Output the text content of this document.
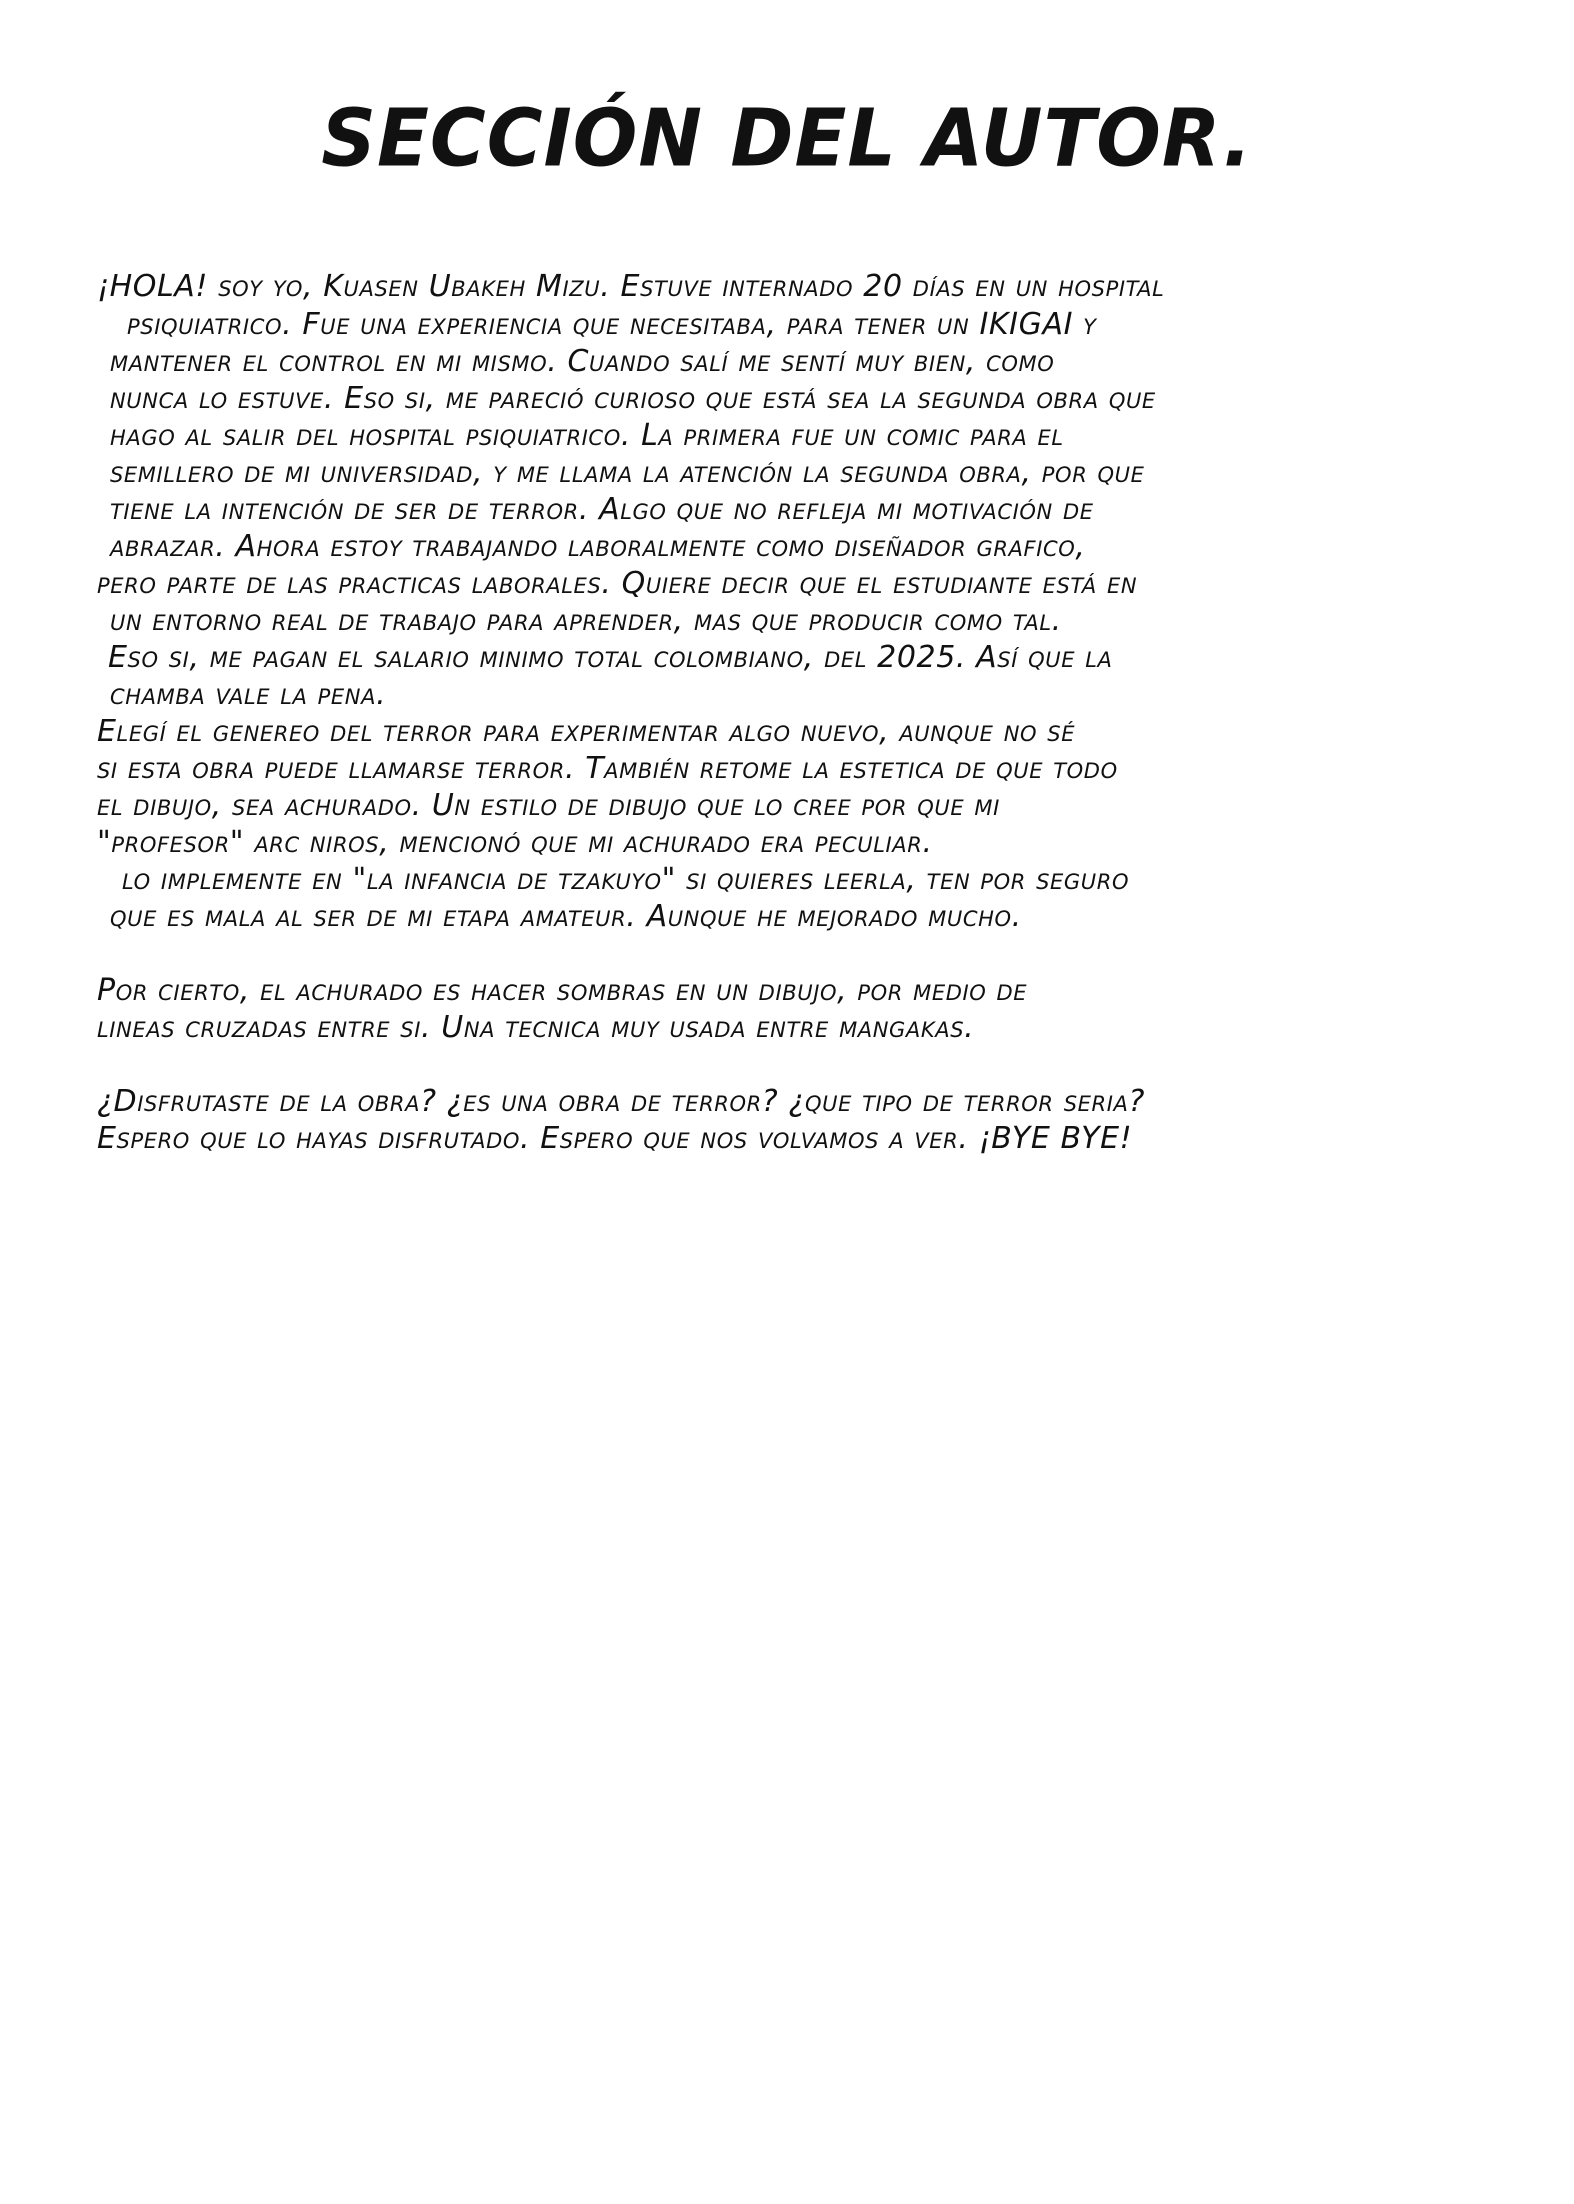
SECCIÓN DEL AUTOR.
¡HOLA! soy yo, Kuasen Ubakeh Mizu. Estuve internado 20 días en un hospital
psiquiatrico. Fue una experiencia que necesitaba, para tener un IKIGAI y
mantener el control en mi mismo. Cuando salí me sentí muy bien, como
nunca lo estuve. Eso si, me pareció curioso que está sea la segunda obra que
hago al salir del hospital psiquiatrico. La primera fue un comic para el
semillero de mi universidad, y me llama la atención la segunda obra, por que
tiene la intención de ser de terror. Algo que no refleja mi motivación de
abrazar. Ahora estoy trabajando laboralmente como diseñador grafico,
pero parte de las practicas laborales. Quiere decir que el estudiante está en
un entorno real de trabajo para aprender, mas que producir como tal.
Eso si, me pagan el salario minimo total colombiano, del 2025. Así que la
chamba vale la pena.
Elegí el genereo del terror para experimentar algo nuevo, aunque no sé
si esta obra puede llamarse terror. También retome la estetica de que todo
el dibujo, sea achurado. Un estilo de dibujo que lo cree por que mi
"profesor" arc niros, mencionó que mi achurado era peculiar.
lo implemente en "la infancia de tzakuyo" si quieres leerla, ten por seguro
que es mala al ser de mi etapa amateur. Aunque he mejorado mucho.
Por cierto, el achurado es hacer sombras en un dibujo, por medio de
lineas cruzadas entre si. Una tecnica muy usada entre mangakas.
¿Disfrutaste de la obra? ¿es una obra de terror? ¿que tipo de terror seria?
Espero que lo hayas disfrutado. Espero que nos volvamos a ver. ¡BYE BYE!
